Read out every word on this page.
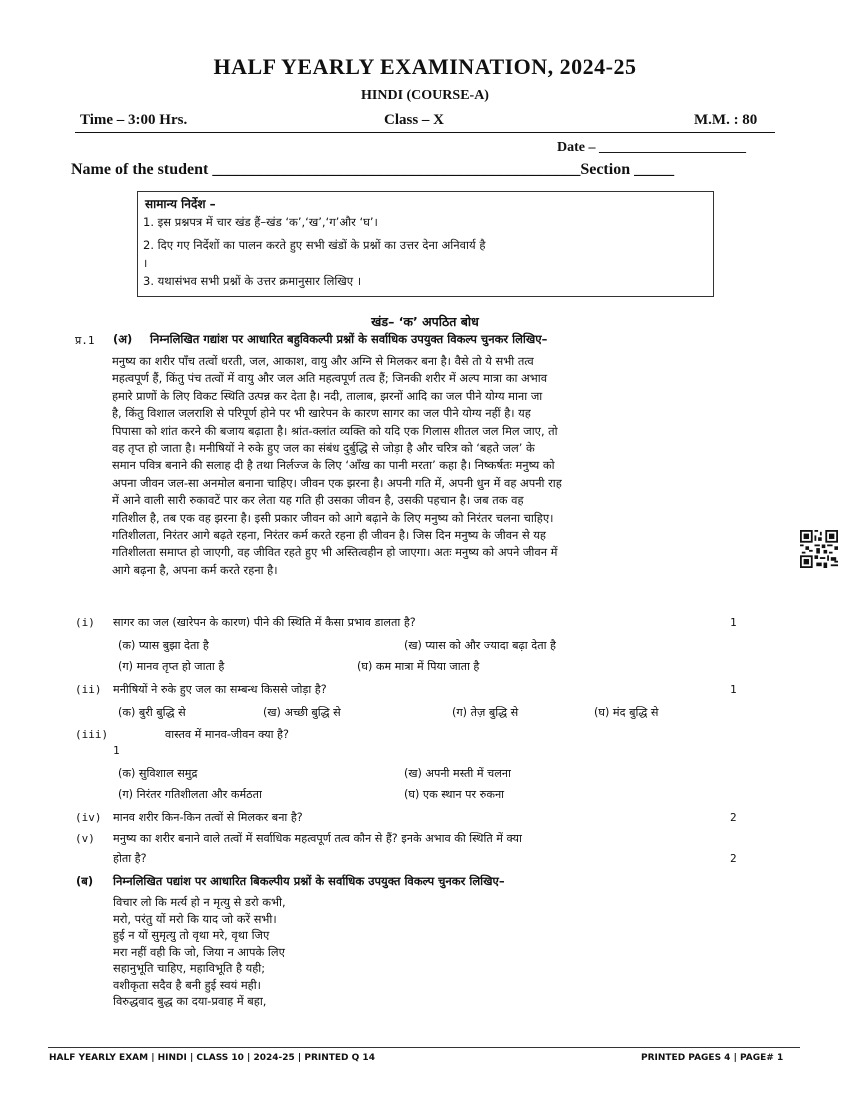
HALF YEARLY EXAMINATION, 2024-25
HINDI (COURSE-A)
Time – 3:00 Hrs.	Class – X	M.M. : 80
Date – _____________________
Name of the student ______________________________________________Section _____
सामान्य निर्देश –
1. इस प्रश्नपत्र में चार खंड हैं–खंड ‘क’,‘ख’,‘ग’और ‘घ’।
2. दिए गए निर्देशों का पालन करते हुए सभी खंडों के प्रश्नों का उत्तर देना अनिवार्य है
।
3. यथासंभव सभी प्रश्नों के उत्तर क्रमानुसार लिखिए ।
खंड– ‘क’ अपठित बोध
प्र.1 (अ) निम्नलिखित गद्यांश पर आधारित बहुविकल्पी प्रश्नों के सर्वाधिक उपयुक्त विकल्प चुनकर लिखिए–
मनुष्य का शरीर पाँच तत्वों धरती, जल, आकाश, वायु और अग्नि से मिलकर बना है। वैसे तो ये सभी तत्व
महत्वपूर्ण हैं, किंतु पंच तत्वों में वायु और जल अति महत्वपूर्ण तत्व हैं; जिनकी शरीर में अल्प मात्रा का अभाव
हमारे प्राणों के लिए विकट स्थिति उत्पन्न कर देता है। नदी, तालाब, झरनों आदि का जल पीने योग्य माना जा
है, किंतु विशाल जलराशि से परिपूर्ण होने पर भी खारेपन के कारण सागर का जल पीने योग्य नहीं है। यह
पिपासा को शांत करने की बजाय बढ़ाता है। श्रांत-क्लांत व्यक्ति को यदि एक गिलास शीतल जल मिल जाए, तो
वह तृप्त हो जाता है। मनीषियों ने रुके हुए जल का संबंध दुर्बुद्धि से जोड़ा है और चरित्र को ‘बहते जल’ के
समान पवित्र बनाने की सलाह दी है तथा निर्लज्ज के लिए ‘आँख का पानी मरता’ कहा है। निष्कर्षतः मनुष्य को
अपना जीवन जल-सा अनमोल बनाना चाहिए। जीवन एक झरना है। अपनी गति में, अपनी धुन में वह अपनी राह
में आने वाली सारी रुकावटें पार कर लेता यह गति ही उसका जीवन है, उसकी पहचान है। जब तक वह
गतिशील है, तब एक वह झरना है। इसी प्रकार जीवन को आगे बढ़ाने के लिए मनुष्य को निरंतर चलना चाहिए।
गतिशीलता, निरंतर आगे बढ़ते रहना, निरंतर कर्म करते रहना ही जीवन है। जिस दिन मनुष्य के जीवन से यह
गतिशीलता समाप्त हो जाएगी, वह जीवित रहते हुए भी अस्तित्वहीन हो जाएगा। अतः मनुष्य को अपने जीवन में
आगे बढ़ना है, अपना कर्म करते रहना है।
(i) सागर का जल (खारेपन के कारण) पीने की स्थिति में कैसा प्रभाव डालता है?	1
(क) प्यास बुझा देता है	(ख) प्यास को और ज्यादा बढ़ा देता है
(ग) मानव तृप्त हो जाता है	(घ) कम मात्रा में पिया जाता है
(ii) मनीषियों ने रुके हुए जल का सम्बन्ध किससे जोड़ा है?	1
(क) बुरी बुद्धि से	(ख) अच्छी बुद्धि से	(ग) तेज़ बुद्धि से	(घ) मंद बुद्धि से
(iii)	वास्तव में मानव-जीवन क्या है?
1
(क) सुविशाल समुद्र	(ख) अपनी मस्ती में चलना
(ग) निरंतर गतिशीलता और कर्मठता	(घ) एक स्थान पर रुकना
(iv) मानव शरीर किन-किन तत्वों से मिलकर बना है?	2
(v) मनुष्य का शरीर बनाने वाले तत्वों में सर्वाधिक महत्वपूर्ण तत्व कौन से हैं? इनके अभाव की स्थिति में क्या
होता है?	2
(ब) निम्नलिखित पद्यांश पर आधारित बिकल्पीय प्रश्नों के सर्वाधिक उपयुक्त विकल्प चुनकर लिखिए–
विचार लो कि मर्त्य हो न मृत्यु से डरो कभी,
मरो, परंतु यों मरो कि याद जो करें सभी।
हुई न यों सुमृत्यु तो वृथा मरे, वृथा जिए
मरा नहीं वही कि जो, जिया न आपके लिए
सहानुभूति चाहिए, महाविभूति है यही;
वशीकृता सदैव है बनी हुई स्वयं मही।
विरुद्धवाद बुद्ध का दया-प्रवाह में बहा,
HALF YEARLY EXAM | HINDI | CLASS 10 | 2024-25 | PRINTED Q 14	PRINTED PAGES 4 | PAGE# 1
